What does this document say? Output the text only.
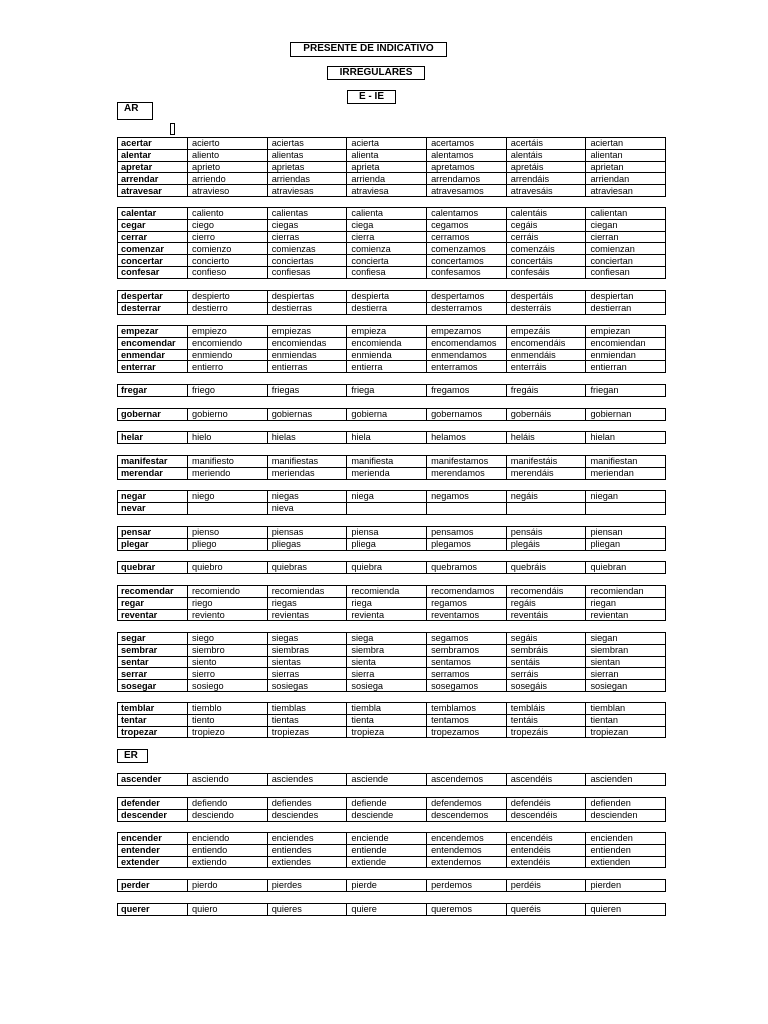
PRESENTE DE INDICATIVO
IRREGULARES
E - IE
AR
acertar	acierto	aciertas	acierta	acertamos	acertáis	aciertan
alentar	aliento	alientas	alienta	alentamos	alentáis	alientan
apretar	aprieto	aprietas	aprieta	apretamos	apretáis	aprietan
arrendar	arriendo	arriendas	arrienda	arrendamos	arrendáis	arriendan
atravesar	atravieso	atraviesas	atraviesa	atravesamos	atravesáis	atraviesan
calentar	caliento	calientas	calienta	calentamos	calentáis	calientan
cegar	ciego	ciegas	ciega	cegamos	cegáis	ciegan
cerrar	cierro	cierras	cierra	cerramos	cerráis	cierran
comenzar	comienzo	comienzas	comienza	comenzamos	comenzáis	comienzan
concertar	concierto	conciertas	concierta	concertamos	concertáis	conciertan
confesar	confieso	confiesas	confiesa	confesamos	confesáis	confiesan
despertar	despierto	despiertas	despierta	despertamos	despertáis	despiertan
desterrar	destierro	destierras	destierra	desterramos	desterráis	destierran
empezar	empiezo	empiezas	empieza	empezamos	empezáis	empiezan
encomendar	encomiendo	encomiendas	encomienda	encomendamos	encomendáis	encomiendan
enmendar	enmiendo	enmiendas	enmienda	enmendamos	enmendáis	enmiendan
enterrar	entierro	entierras	entierra	enterramos	enterráis	entierran
fregar	friego	friegas	friega	fregamos	fregáis	friegan
gobernar	gobierno	gobiernas	gobierna	gobernamos	gobernáis	gobiernan
helar	hielo	hielas	hiela	helamos	heláis	hielan
manifestar	manifiesto	manifiestas	manifiesta	manifestamos	manifestáis	manifiestan
merendar	meriendo	meriendas	merienda	merendamos	merendáis	meriendan
negar	niego	niegas	niega	negamos	negáis	niegan
nevar		nieva				
pensar	pienso	piensas	piensa	pensamos	pensáis	piensan
plegar	pliego	pliegas	pliega	plegamos	plegáis	pliegan
quebrar	quiebro	quiebras	quiebra	quebramos	quebráis	quiebran
recomendar	recomiendo	recomiendas	recomienda	recomendamos	recomendáis	recomiendan
regar	riego	riegas	riega	regamos	regáis	riegan
reventar	reviento	revientas	revienta	reventamos	reventáis	revientan
segar	siego	siegas	siega	segamos	segáis	siegan
sembrar	siembro	siembras	siembra	sembramos	sembráis	siembran
sentar	siento	sientas	sienta	sentamos	sentáis	sientan
serrar	sierro	sierras	sierra	serramos	serráis	sierran
sosegar	sosiego	sosiegas	sosiega	sosegamos	sosegáis	sosiegan
temblar	tiemblo	tiemblas	tiembla	temblamos	tembláis	tiemblan
tentar	tiento	tientas	tienta	tentamos	tentáis	tientan
tropezar	tropiezo	tropiezas	tropieza	tropezamos	tropezáis	tropiezan
ascender	asciendo	asciendes	asciende	ascendemos	ascendéis	ascienden
defender	defiendo	defiendes	defiende	defendemos	defendéis	defienden
descender	desciendo	desciendes	desciende	descendemos	descendéis	descienden
encender	enciendo	enciendes	enciende	encendemos	encendéis	encienden
entender	entiendo	entiendes	entiende	entendemos	entendéis	entienden
extender	extiendo	extiendes	extiende	extendemos	extendéis	extienden
perder	pierdo	pierdes	pierde	perdemos	perdéis	pierden
querer	quiero	quieres	quiere	queremos	queréis	quieren
ER
